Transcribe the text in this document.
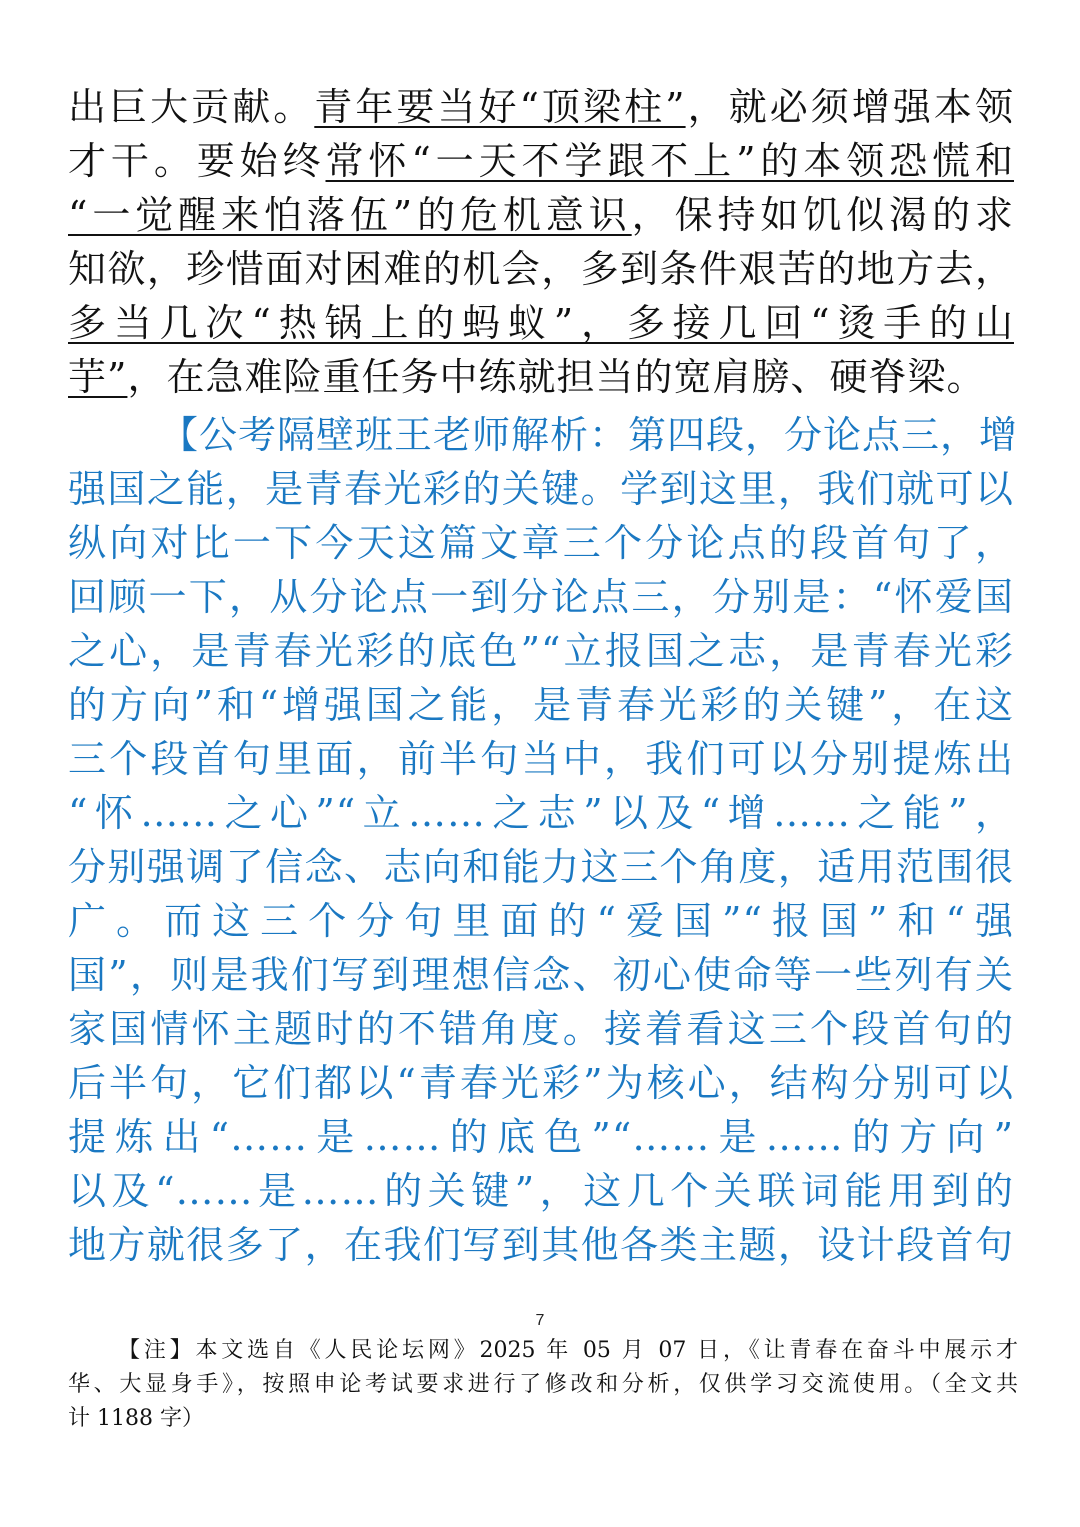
出巨大贡献。青年要当好“顶梁柱”，就必须增强本领
才干。要始终常怀“一天不学跟不上”的本领恐慌和
“一觉醒来怕落伍”的危机意识，保持如饥似渴的求
知欲，珍惜面对困难的机会，多到条件艰苦的地方去，
多当几次“热锅上的蚂蚁”，多接几回“烫手的山
芋”，在急难险重任务中练就担当的宽肩膀、硬脊梁。
【公考隔壁班王老师解析：第四段，分论点三，增
强国之能，是青春光彩的关键。学到这里，我们就可以
纵向对比一下今天这篇文章三个分论点的段首句了，
回顾一下，从分论点一到分论点三，分别是：“怀爱国
之心，是青春光彩的底色”“立报国之志，是青春光彩
的方向”和“增强国之能，是青春光彩的关键”，在这
三个段首句里面，前半句当中，我们可以分别提炼出
“怀……之心”“立……之志”以及“增……之能”，
分别强调了信念、志向和能力这三个角度，适用范围很
广。而这三个分句里面的“爱国”“报国”和“强
国”，则是我们写到理想信念、初心使命等一些列有关
家国情怀主题时的不错角度。接着看这三个段首句的
后半句，它们都以“青春光彩”为核心，结构分别可以
提炼出“……是……的底色”“……是……的方向”
以及“……是……的关键”，这几个关联词能用到的
地方就很多了，在我们写到其他各类主题，设计段首句
7
【注】本文选自《人民论坛网》2025 年 05 月 07 日，《让青春在奋斗中展示才
华、大显身手》，按照申论考试要求进行了修改和分析，仅供学习交流使用。（全文共
计 1188 字）
